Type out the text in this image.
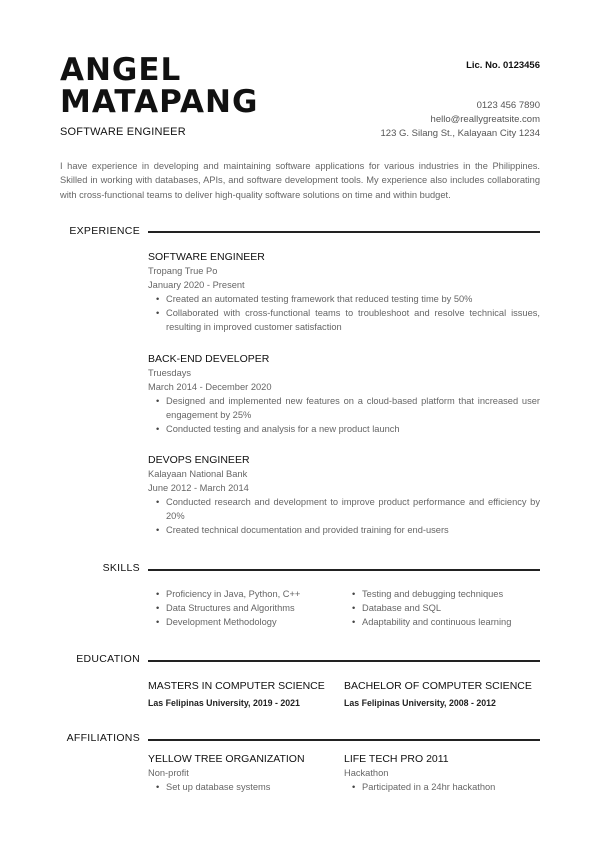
ANGEL
MATAPANG
SOFTWARE ENGINEER
Lic. No. 0123456
0123 456 7890
hello@reallygreatsite.com
123 G. Silang St., Kalayaan City 1234
I have experience in developing and maintaining software applications for various industries in the Philippines. Skilled in working with databases, APIs, and software development tools. My experience also includes collaborating with cross-functional teams to deliver high-quality software solutions on time and within budget.
EXPERIENCE
SOFTWARE ENGINEER
Tropang True Po
January 2020 - Present
• Created an automated testing framework that reduced testing time by 50%
• Collaborated with cross-functional teams to troubleshoot and resolve technical issues, resulting in improved customer satisfaction
BACK-END DEVELOPER
Truesdays
March 2014 - December 2020
• Designed and implemented new features on a cloud-based platform that increased user engagement by 25%
• Conducted testing and analysis for a new product launch
DEVOPS ENGINEER
Kalayaan National Bank
June 2012 - March 2014
• Conducted research and development to improve product performance and efficiency by 20%
• Created technical documentation and provided training for end-users
SKILLS
• Proficiency in Java, Python, C++
• Data Structures and Algorithms
• Development Methodology
• Testing and debugging techniques
• Database and SQL
• Adaptability and continuous learning
EDUCATION
MASTERS IN COMPUTER SCIENCE
Las Felipinas University, 2019 - 2021
BACHELOR OF COMPUTER SCIENCE
Las Felipinas University, 2008 - 2012
AFFILIATIONS
YELLOW TREE ORGANIZATION
Non-profit
• Set up database systems
LIFE TECH PRO 2011
Hackathon
• Participated in a 24hr hackathon
